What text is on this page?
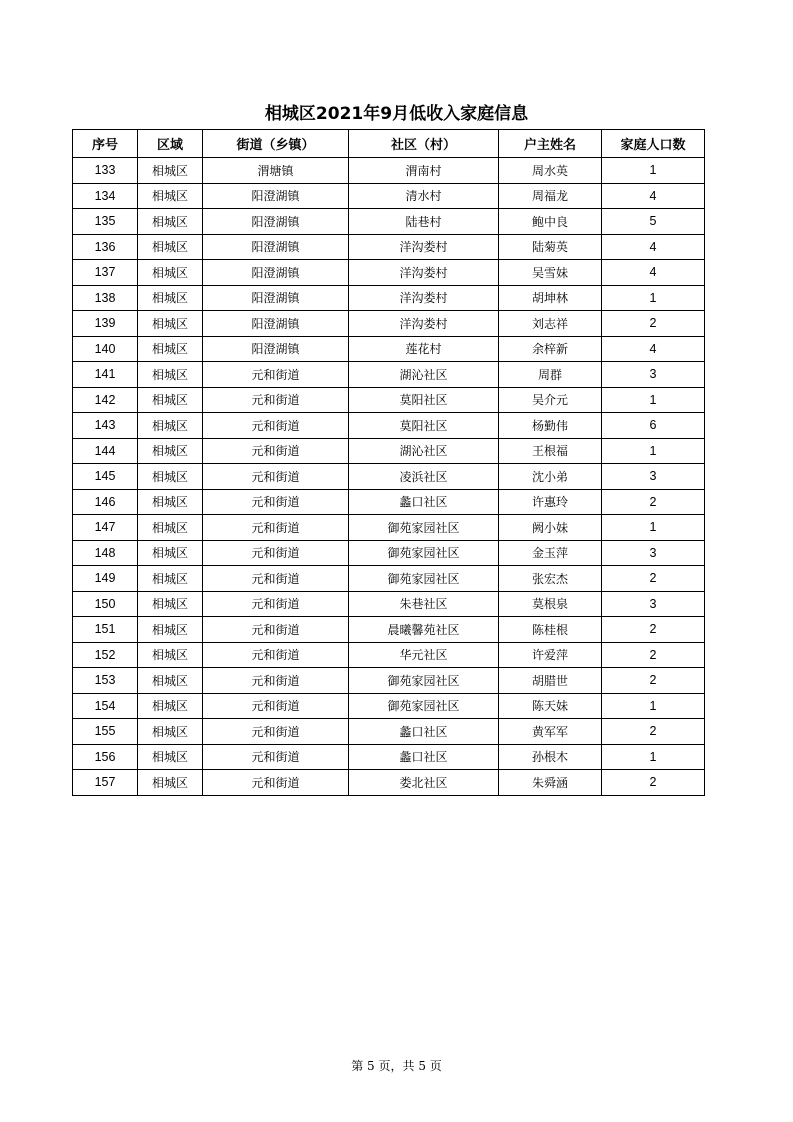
相城区2021年9月低收入家庭信息
序号	区域	街道（乡镇）	社区（村）	户主姓名	家庭人口数
133	相城区	渭塘镇	渭南村	周水英	1
134	相城区	阳澄湖镇	清水村	周福龙	4
135	相城区	阳澄湖镇	陆巷村	鲍中良	5
136	相城区	阳澄湖镇	洋沟娄村	陆菊英	4
137	相城区	阳澄湖镇	洋沟娄村	吴雪妹	4
138	相城区	阳澄湖镇	洋沟娄村	胡坤林	1
139	相城区	阳澄湖镇	洋沟娄村	刘志祥	2
140	相城区	阳澄湖镇	莲花村	余梓新	4
141	相城区	元和街道	湖沁社区	周群	3
142	相城区	元和街道	莫阳社区	吴介元	1
143	相城区	元和街道	莫阳社区	杨勤伟	6
144	相城区	元和街道	湖沁社区	王根福	1
145	相城区	元和街道	凌浜社区	沈小弟	3
146	相城区	元和街道	蠡口社区	许惠玲	2
147	相城区	元和街道	御苑家园社区	阙小妹	1
148	相城区	元和街道	御苑家园社区	金玉萍	3
149	相城区	元和街道	御苑家园社区	张宏杰	2
150	相城区	元和街道	朱巷社区	莫根泉	3
151	相城区	元和街道	晨曦馨苑社区	陈桂根	2
152	相城区	元和街道	华元社区	许爱萍	2
153	相城区	元和街道	御苑家园社区	胡腊世	2
154	相城区	元和街道	御苑家园社区	陈天妹	1
155	相城区	元和街道	蠡口社区	黄军军	2
156	相城区	元和街道	蠡口社区	孙根木	1
157	相城区	元和街道	娄北社区	朱舜涵	2
第 5 页，共 5 页
